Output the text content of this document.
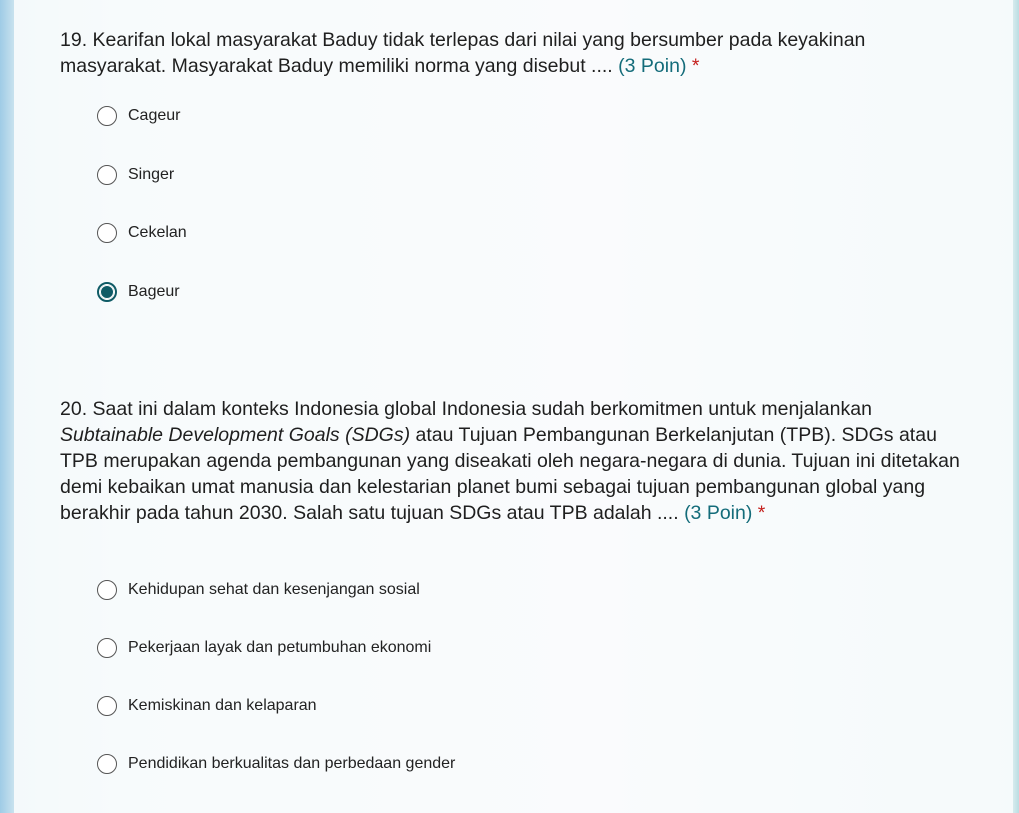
19. Kearifan lokal masyarakat Baduy tidak terlepas dari nilai yang bersumber pada keyakinan masyarakat. Masyarakat Baduy memiliki norma yang disebut .... (3 Poin) *
Cageur
Singer
Cekelan
Bageur
20. Saat ini dalam konteks Indonesia global Indonesia sudah berkomitmen untuk menjalankan Subtainable Development Goals (SDGs) atau Tujuan Pembangunan Berkelanjutan (TPB). SDGs atau TPB merupakan agenda pembangunan yang diseakati oleh negara-negara di dunia. Tujuan ini ditetakan demi kebaikan umat manusia dan kelestarian planet bumi sebagai tujuan pembangunan global yang berakhir pada tahun 2030. Salah satu tujuan SDGs atau TPB adalah .... (3 Poin) *
Kehidupan sehat dan kesenjangan sosial
Pekerjaan layak dan petumbuhan ekonomi
Kemiskinan dan kelaparan
Pendidikan berkualitas dan perbedaan gender
